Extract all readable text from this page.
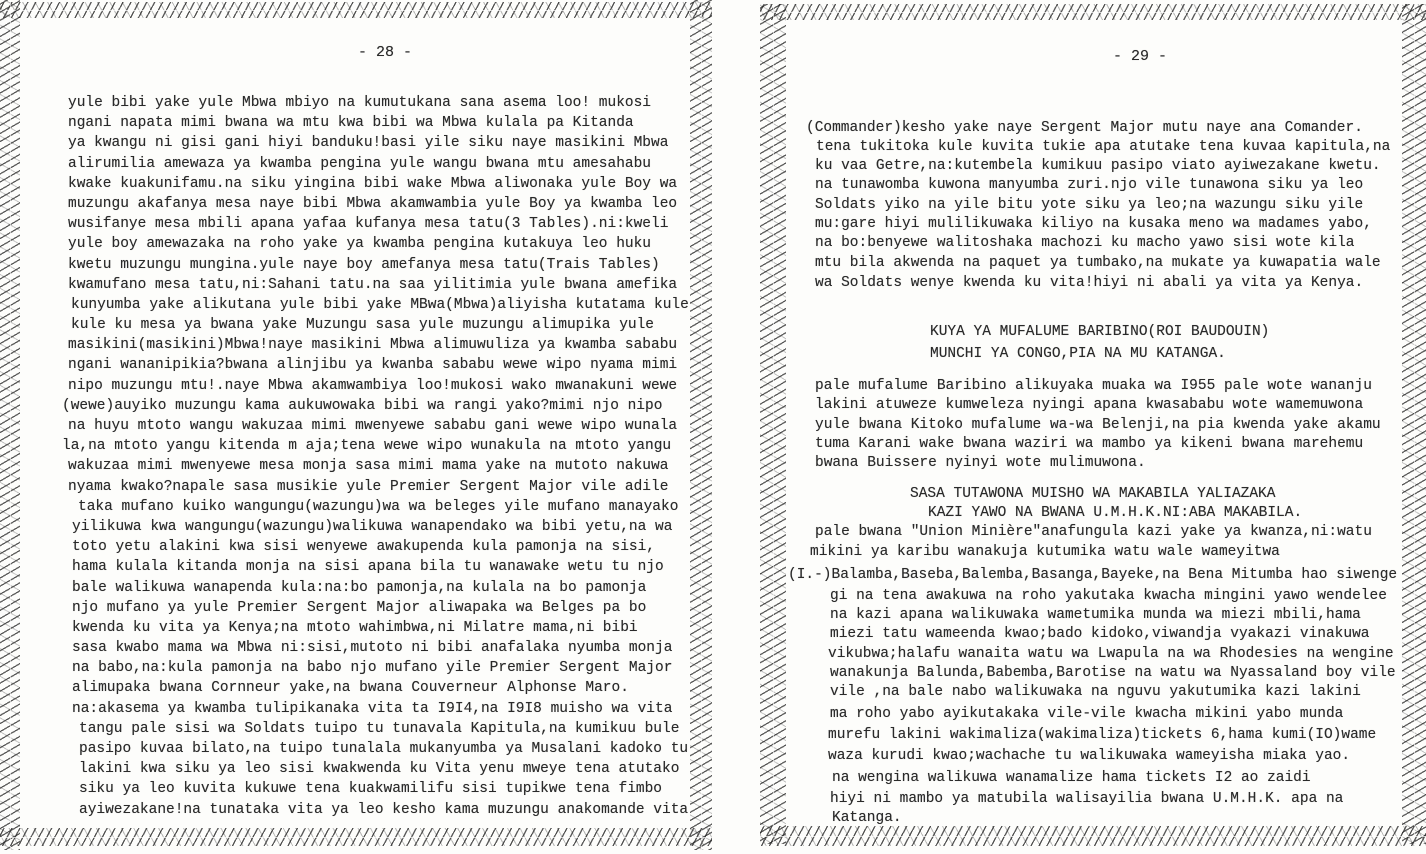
- 28 -
yule bibi yake yule Mbwa mbiyo na kumutukana sana asema loo! mukosi
ngani napata mimi bwana wa mtu kwa bibi wa Mbwa kulala pa Kitanda
ya kwangu ni gisi gani hiyi banduku!basi yile siku naye masikini Mbwa
alirumilia amewaza ya kwamba pengina yule wangu bwana mtu amesahabu
kwake kuakunifamu.na siku yingina bibi wake Mbwa aliwonaka yule Boy wa
muzungu akafanya mesa naye bibi Mbwa akamwambia yule Boy ya kwamba leo
wusifanye mesa mbili apana yafaa kufanya mesa tatu(3 Tables).ni:kweli
yule boy amewazaka na roho yake ya kwamba pengina kutakuya leo huku
kwetu muzungu mungina.yule naye boy amefanya mesa tatu(Trais Tables)
kwamufano mesa tatu,ni:Sahani tatu.na saa yilitimia yule bwana amefika
kunyumba yake alikutana yule bibi yake MBwa(Mbwa)aliyisha kutatama kule
kule ku mesa ya bwana yake Muzungu sasa yule muzungu alimupika yule
masikini(masikini)Mbwa!naye masikini Mbwa alimuwuliza ya kwamba sababu
ngani wananipikia?bwana alinjibu ya kwanba sababu wewe wipo nyama mimi
nipo muzungu mtu!.naye Mbwa akamwambiya loo!mukosi wako mwanakuni wewe
(wewe)auyiko muzungu kama aukuwowaka bibi wa rangi yako?mimi njo nipo
na huyu mtoto wangu wakuzaa mimi mwenyewe sababu gani wewe wipo wunala
la,na mtoto yangu kitenda m aja;tena wewe wipo wunakula na mtoto yangu
wakuzaa mimi mwenyewe mesa monja sasa mimi mama yake na mutoto nakuwa
nyama kwako?napale sasa musikie yule Premier Sergent Major vile adile
taka mufano kuiko wangungu(wazungu)wa wa beleges yile mufano manayako
yilikuwa kwa wangungu(wazungu)walikuwa wanapendako wa bibi yetu,na wa
toto yetu alakini kwa sisi wenyewe awakupenda kula pamonja na sisi,
hama kulala kitanda monja na sisi apana bila tu wanawake wetu tu njo
bale walikuwa wanapenda kula:na:bo pamonja,na kulala na bo pamonja
njo mufano ya yule Premier Sergent Major aliwapaka wa Belges pa bo
kwenda ku vita ya Kenya;na mtoto wahimbwa,ni Milatre mama,ni bibi
sasa kwabo mama wa Mbwa ni:sisi,mutoto ni bibi anafalaka nyumba monja
na babo,na:kula pamonja na babo njo mufano yile Premier Sergent Major
alimupaka bwana Cornneur yake,na bwana Couverneur Alphonse Maro.
na:akasema ya kwamba tulipikanaka vita ta I9I4,na I9I8 muisho wa vita
tangu pale sisi wa Soldats tuipo tu tunavala Kapitula,na kumikuu bule
pasipo kuvaa bilato,na tuipo tunalala mukanyumba ya Musalani kadoko tu
lakini kwa siku ya leo sisi kwakwenda ku Vita yenu mweye tena atutako
siku ya leo kuvita kukuwe tena kuakwamilifu sisi tupikwe tena fimbo
ayiwezakane!na tunataka vita ya leo kesho kama muzungu anakomande vita
- 29 -
(Commander)kesho yake naye Sergent Major mutu naye ana Comander.
tena tukitoka kule kuvita tukie apa atutake tena kuvaa kapitula,na
ku vaa Getre,na:kutembela kumikuu pasipo viato ayiwezakane kwetu.
na tunawomba kuwona manyumba zuri.njo vile tunawona siku ya leo
Soldats yiko na yile bitu yote siku ya leo;na wazungu siku yile
mu:gare hiyi mulilikuwaka kiliyo na kusaka meno wa madames yabo,
na bo:benyewe walitoshaka machozi ku macho yawo sisi wote kila
mtu bila akwenda na paquet ya tumbako,na mukate ya kuwapatia wale
wa Soldats wenye kwenda ku vita!hiyi ni abali ya vita ya Kenya.
KUYA YA MUFALUME BARIBINO(ROI BAUDOUIN)
MUNCHI YA CONGO,PIA NA MU KATANGA.
pale mufalume Baribino alikuyaka muaka wa I955 pale wote wananju
lakini atuweze kumweleza nyingi apana kwasababu wote wamemuwona
yule bwana Kitoko mufalume wa-wa Belenji,na pia kwenda yake akamu
tuma Karani wake bwana waziri wa mambo ya kikeni bwana marehemu
bwana Buissere nyinyi wote mulimuwona.
SASA TUTAWONA MUISHO WA MAKABILA YALIAZAKA
KAZI YAWO NA BWANA U.M.H.K.NI:ABA MAKABILA.
pale bwana "Union Minière"anafungula kazi yake ya kwanza,ni:watu
mikini ya karibu wanakuja kutumika watu wale wameyitwa
(I.-)Balamba,Baseba,Balemba,Basanga,Bayeke,na Bena Mitumba hao siwenge
gi na tena awakuwa na roho yakutaka kwacha mingini yawo wendelee
na kazi apana walikuwaka wametumika munda wa miezi mbili,hama
miezi tatu wameenda kwao;bado kidoko,viwandja vyakazi vinakuwa
vikubwa;halafu wanaita watu wa Lwapula na wa Rhodesies na wengine
wanakunja Balunda,Babemba,Barotise na watu wa Nyassaland boy vile
vile ,na bale nabo walikuwaka na nguvu yakutumika kazi lakini
ma roho yabo ayikutakaka vile-vile kwacha mikini yabo munda
murefu lakini wakimaliza(wakimaliza)tickets 6,hama kumi(IO)wame
waza kurudi kwao;wachache tu walikuwaka wameyisha miaka yao.
na wengina walikuwa wanamalize hama tickets I2 ao zaidi
hiyi ni mambo ya matubila walisayilia bwana U.M.H.K. apa na
Katanga.
